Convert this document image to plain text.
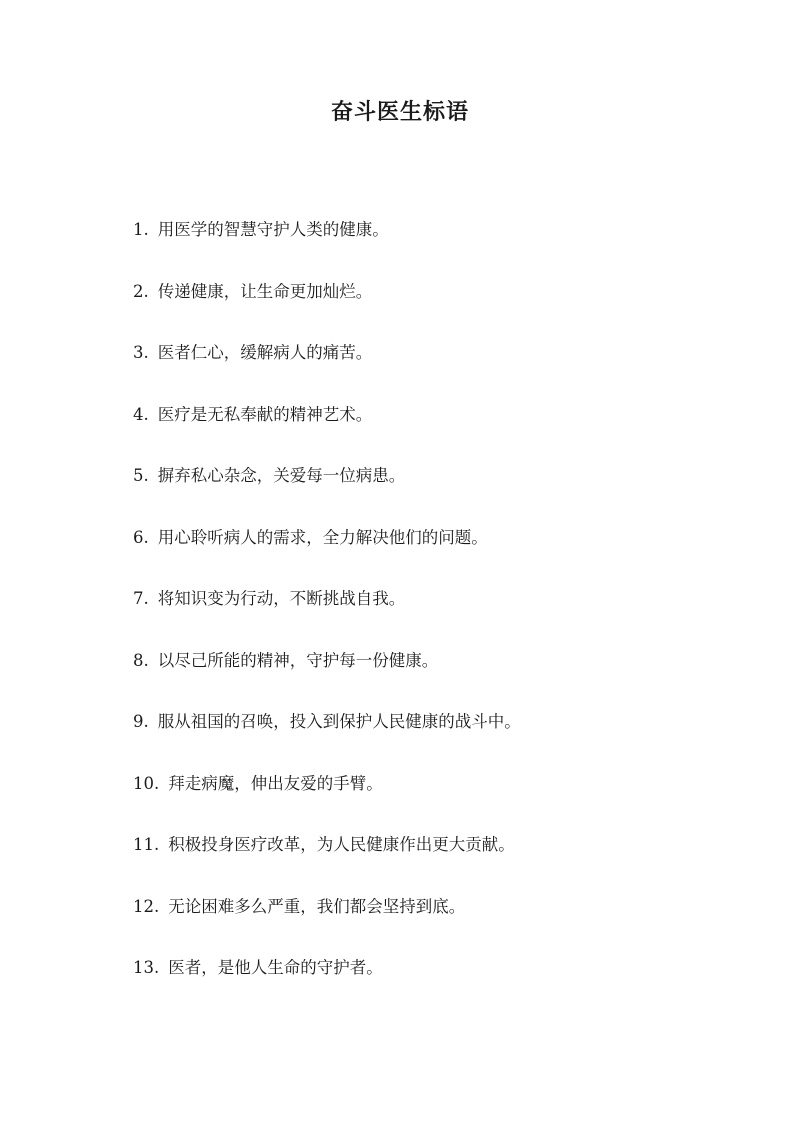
奋斗医生标语
1. 用医学的智慧守护人类的健康。
2. 传递健康，让生命更加灿烂。
3. 医者仁心，缓解病人的痛苦。
4. 医疗是无私奉献的精神艺术。
5. 摒弃私心杂念，关爱每一位病患。
6. 用心聆听病人的需求，全力解决他们的问题。
7. 将知识变为行动，不断挑战自我。
8. 以尽己所能的精神，守护每一份健康。
9. 服从祖国的召唤，投入到保护人民健康的战斗中。
10. 拜走病魔，伸出友爱的手臂。
11. 积极投身医疗改革，为人民健康作出更大贡献。
12. 无论困难多么严重，我们都会坚持到底。
13. 医者，是他人生命的守护者。
